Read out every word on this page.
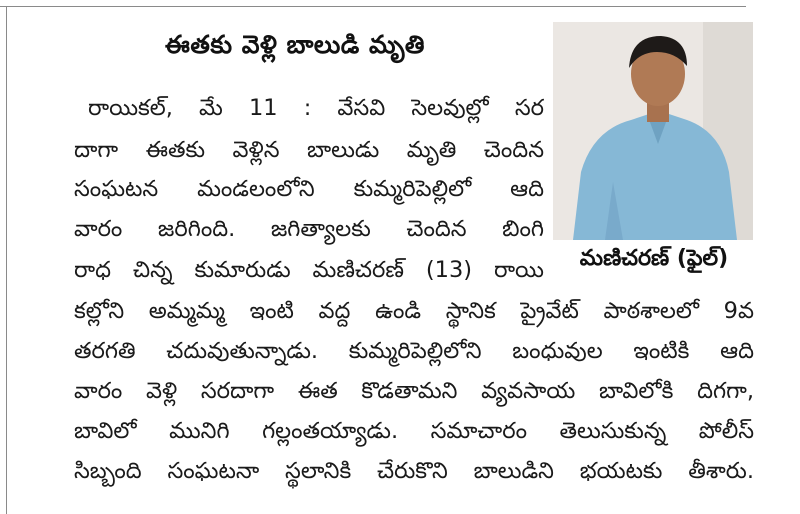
ఈతకు వెళ్లి బాలుడి మృతి
రాయికల్, మే 11 : వేసవి సెలవుల్లో సర
దాగా ఈతకు వెళ్లిన బాలుడు మృతి చెందిన
సంఘటన మండలంలోని కుమ్మరిపెల్లిలో ఆది
వారం జరిగింది. జగిత్యాలకు చెందిన బింగి
రాధ చిన్న కుమారుడు మణిచరణ్ (13) రాయి
కల్లోని అమ్మమ్మ ఇంటి వద్ద ఉండి స్థానిక ప్రైవేట్ పాఠశాలలో 9వ
తరగతి చదువుతున్నాడు. కుమ్మరిపెల్లిలోని బంధువుల ఇంటికి ఆది
వారం వెళ్లి సరదాగా ఈత కొడతామని వ్యవసాయ బావిలోకి దిగగా,
బావిలో మునిగి గల్లంతయ్యాడు. సమాచారం తెలుసుకున్న పోలీస్
సిబ్బంది సంఘటనా స్థలానికి చేరుకొని బాలుడిని భయటకు తీశారు.
మణిచరణ్ (ఫైల్)
